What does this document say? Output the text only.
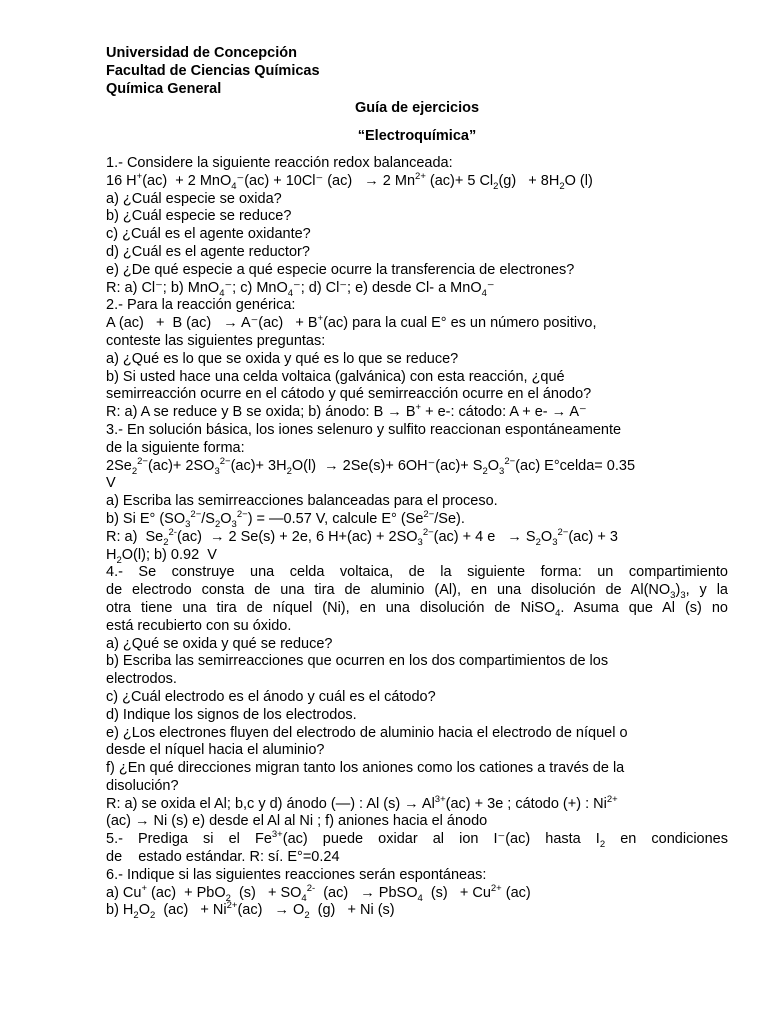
Universidad de Concepción
Facultad de Ciencias Químicas
Química General
Guía de ejercicios
“Electroquímica”
1.- Considere la siguiente reacción redox balanceada:
16 H+(ac)  + 2 MnO$_4$⁻(ac) + 10Cl⁻ (ac)   → 2 $Mn^{2+}$ (ac)+ 5 $Cl_2(g) + 8H_2O$ (l)
a) ¿Cuál especie se oxida?
b) ¿Cuál especie se reduce?
c) ¿Cuál es el agente oxidante?
d) ¿Cuál es el agente reductor?
e) ¿De qué especie a qué especie ocurre la transferencia de electrones?
R: a) Cl⁻; b) MnO$_4$⁻; c) MnO$_4$⁻; d) Cl⁻; e) desde Cl- a MnO$_4$⁻
2.- Para la reacción genérica:
A (ac)   +  B (ac)   → A⁻(ac)   + B+(ac) para la cual E° es un número positivo,
conteste las siguientes preguntas:
a) ¿Qué es lo que se oxida y qué es lo que se reduce?
b) Si usted hace una celda voltaica (galvánica) con esta reacción, ¿qué
semirreacción ocurre en el cátodo y qué semirreacción ocurre en el ánodo?
R: a) A se reduce y B se oxida; b) ánodo: B → B+ + e-: cátodo: A + e- → A⁻
3.- En solución básica, los iones selenuro y sulfito reaccionan espontáneamente
de la siguiente forma:
$2Se_2^{2-}(ac)+ 2SO_3^{2-}(ac)+ 3H_2O(l) \to 2Se(s)+ 6OH^-(ac)+ S_2O_3^{2-}(ac)$ E°celda= 0.35
V
a) Escriba las semirreacciones balanceadas para el proceso.
b) Si E° $(SO_3^{2-}/S_2O_3^{2-})$ = —0.57 V, calcule E° $(Se^{2-}/Se)$.
R: a)  $Se_2^{2-}(ac) \to 2$ Se(s) + 2e, 6 $H+(ac) + 2SO_3^{2-}(ac) + 4$ $e \to S_2O_3^{2-}(ac) + 3$
$H_2O(l)$; b) 0.92  V
4.- Se construye una celda voltaica, de la siguiente forma: un compartimiento
de electrodo consta de una tira de aluminio (Al), en una disolución de $Al(NO_3)_3$, y la
otra tiene una tira de níquel (Ni), en una disolución de NiSO$_4$. Asuma que Al (s) no
está recubierto con su óxido.
a) ¿Qué se oxida y qué se reduce?
b) Escriba las semirreacciones que ocurren en los dos compartimientos de los
electrodos.
c) ¿Cuál electrodo es el ánodo y cuál es el cátodo?
d) Indique los signos de los electrodos.
e) ¿Los electrones fluyen del electrodo de aluminio hacia el electrodo de níquel o
desde el níquel hacia el aluminio?
f) ¿En qué direcciones migran tanto los aniones como los cationes a través de la
disolución?
R: a) se oxida el Al; b,c y d) ánodo (—) : Al $(s) \to Al^{3+}(ac) + 3e$ ; cátodo (+) : $Ni^{2+}$
(ac) → Ni (s) e) desde el Al al Ni ; f) aniones hacia el ánodo
5.- Prediga si el $Fe^{3+}(ac)$ puede oxidar al ion I⁻(ac) hasta $I_2$ en condiciones
de    estado estándar. R: sí. E°=0.24
6.- Indique si las siguientes reacciones serán espontáneas:
a) Cu+ (ac)  + PbO$_2$  $(s) + SO_4^{2-}$  (ac)   → PbSO$_4$  $(s) + Cu^{2+}$ (ac)
b) $H_2O_2$  $(ac) + Ni^{2+}(ac) \to O_2$  (g)   + Ni (s)
